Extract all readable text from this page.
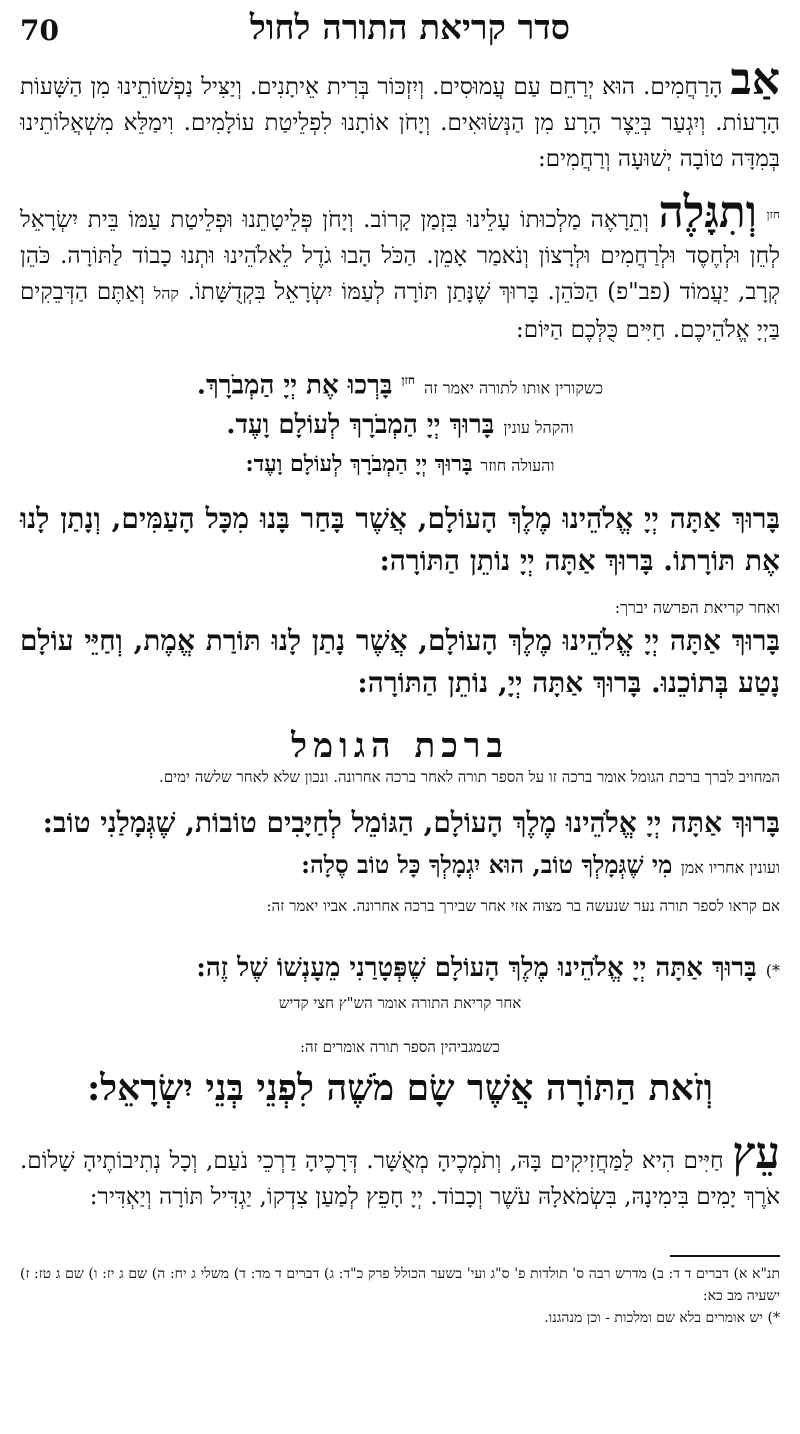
70	סדר קריאת התורה לחול

אַב הָרַחֲמִים. הוּא יְרַחֵם עַם עֲמוּסִים. וְיִזְכּוֹר בְּרִית אֵיתָנִים. וְיַצִּיל נַפְשׁוֹתֵינוּ מִן הַשָּׁעוֹת הָרָעוֹת. וְיִגְעַר בְּיֵצֶר הָרָע מִן הַנְּשׂוּאִים. וְיָחֹן אוֹתָנוּ לִפְלֵיטַת עוֹלָמִים. וִימַלֵּא מִשְׁאֲלוֹתֵינוּ בְּמִדָּה טוֹבָה יְשׁוּעָה וְרַחֲמִים:

$^{חזן}$ וְתִגָּלֶה וְתֵרָאֶה מַלְכוּתוֹ עָלֵינוּ בִּזְמַן קָרוֹב. וְיָחֹן פְּלֵיטָתֵנוּ וּפְלֵיטַת עַמּוֹ בֵּית יִשְׂרָאֵל לְחֵן וּלְחֶסֶד וּלְרַחֲמִים וּלְרָצוֹן וְנֹאמַר אָמֵן. הַכֹּל הָבוּ גֹדֶל לֵאלֹהֵינוּ וּתְנוּ כָבוֹד לַתּוֹרָה. כֹּהֵן קְרָב, יַעֲמוֹד (פב"פ) הַכֹּהֵן. בָּרוּךְ שֶׁנָּתַן תּוֹרָה לְעַמּוֹ יִשְׂרָאֵל בִּקְדֻשָּׁתוֹ. קהל וְאַתֶּם הַדְּבֵקִים בַּיְיָ אֱלֹהֵיכֶם. חַיִּים כֻּלְּכֶם הַיּוֹם:

כשקורין אותו לתורה יאמר זה $^{חזן}$ בָּרְכוּ אֶת יְיָ הַמְבֹרָךְ.
והקהל עונין בָּרוּךְ יְיָ הַמְבֹרָךְ לְעוֹלָם וָעֶד.
והעולה חוזר בָּרוּךְ יְיָ הַמְבֹרָךְ לְעוֹלָם וָעֶד:

בָּרוּךְ אַתָּה יְיָ אֱלֹהֵינוּ מֶלֶךְ הָעוֹלָם, אֲשֶׁר בָּחַר בָּנוּ מִכָּל הָעַמִּים, וְנָתַן לָנוּ אֶת תּוֹרָתוֹ. בָּרוּךְ אַתָּה יְיָ נוֹתֵן הַתּוֹרָה:

ואחר קריאת הפרשה יברך:

בָּרוּךְ אַתָּה יְיָ אֱלֹהֵינוּ מֶלֶךְ הָעוֹלָם, אֲשֶׁר נָתַן לָנוּ תּוֹרַת אֱמֶת, וְחַיֵּי עוֹלָם נָטַע בְּתוֹכֵנוּ. בָּרוּךְ אַתָּה יְיָ, נוֹתֵן הַתּוֹרָה:

ברכת הגומל
המחויב לברך ברכת הגומל אומר ברכה זו על הספר תורה לאחר ברכה אחרונה. ונכון שלא לאחר שלשה ימים.

בָּרוּךְ אַתָּה יְיָ אֱלֹהֵינוּ מֶלֶךְ הָעוֹלָם, הַגּוֹמֵל לְחַיָּבִים טוֹבוֹת, שֶׁגְּמָלַנִי טוֹב:

ועונין אחריו אמן מִי שֶׁגְּמָלְךָ טוֹב, הוּא יִגְמָלְךָ כָּל טוֹב סֶלָה:
אם קראו לספר תורה נער שנעשה בר מצוה אזי אחר שבירך ברכה אחרונה. אביו יאמר זה:
*) בָּרוּךְ אַתָּה יְיָ אֱלֹהֵינוּ מֶלֶךְ הָעוֹלָם שֶׁפְּטָרַנִי מֵעָנְשׁוֹ שֶׁל זֶה:
אחר קריאת התורה אומר הש"ץ חצי קדיש
כשמגביהין הספר תורה אומרים זה:
וְזֹאת הַתּוֹרָה אֲשֶׁר שָׂם מֹשֶׁה לִפְנֵי בְּנֵי יִשְׂרָאֵל:

עֵץ חַיִּים הִיא לַמַּחֲזִיקִים בָּהּ, וְתֹמְכֶיהָ מְאֻשָּׁר. דְּרָכֶיהָ דַרְכֵי נֹעַם, וְכָל נְתִיבוֹתֶיהָ שָׁלוֹם. אֹרֶךְ יָמִים בִּימִינָהּ, בִּשְׂמֹאלָהּ עֹשֶׁר וְכָבוֹד. יְיָ חָפֵץ לְמַעַן צִדְקוֹ, יַגְדִּיל תּוֹרָה וְיַאְדִּיר:

תנ"א א) דברים ד ד: ב) מדרש רבה ס' תולדות פ' ס"ג ועי' בשער הכולל פרק כ"ד: ג) דברים ד מד: ד) משלי ג יח: ה) שם ג יז: ו) שם ג טז: ז) ישעיה מב כא:
*) יש אומרים בלא שם ומלכות - וכן מנהגנו.
